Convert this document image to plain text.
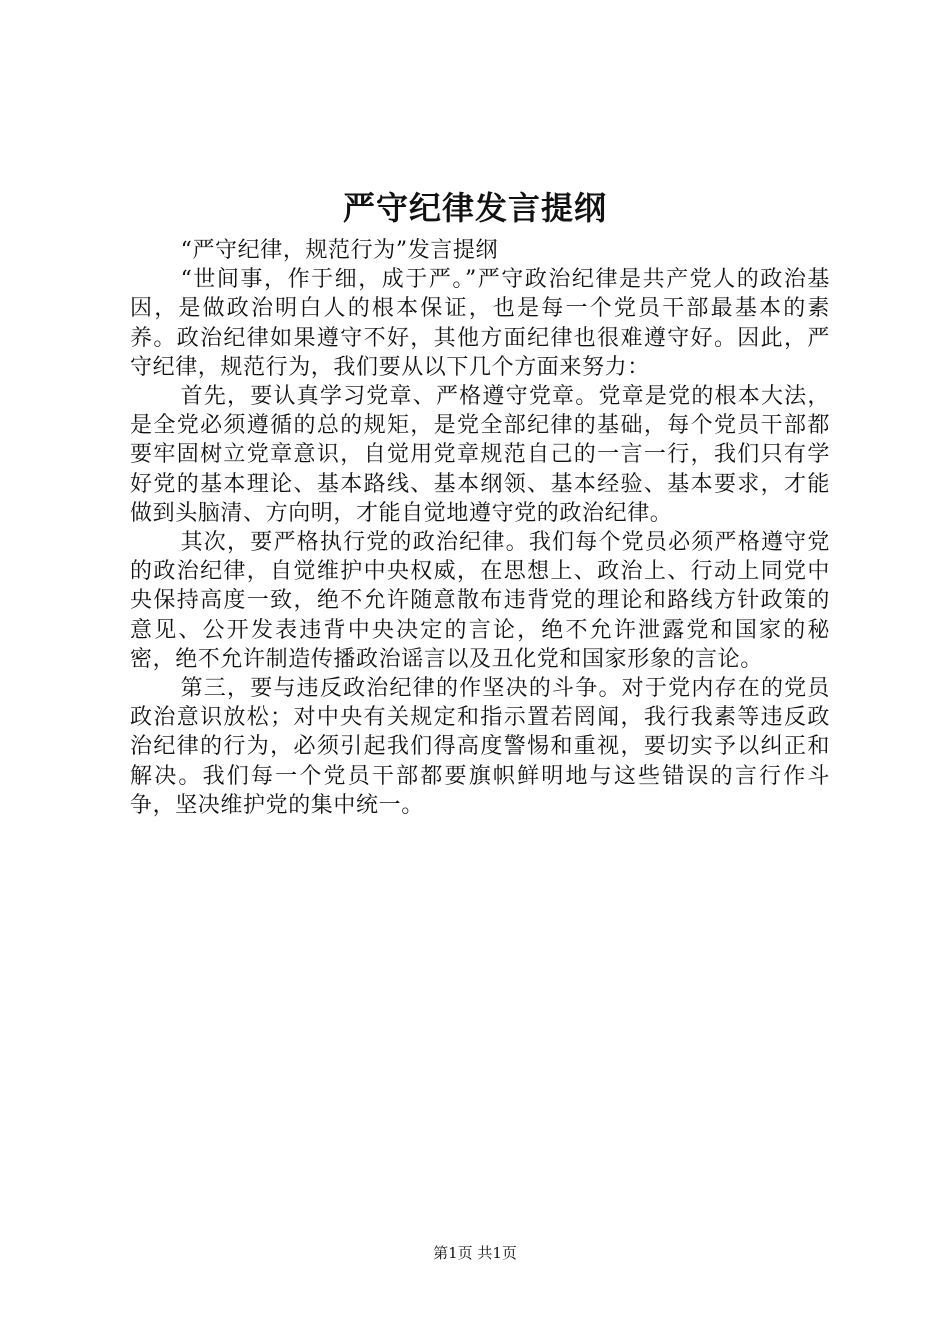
严守纪律发言提纲

“严守纪律，规范行为”发言提纲

“世间事，作于细，成于严。”严守政治纪律是共产党人的政治基因，是做政治明白人的根本保证，也是每一个党员干部最基本的素养。政治纪律如果遵守不好，其他方面纪律也很难遵守好。因此，严守纪律，规范行为，我们要从以下几个方面来努力：

首先，要认真学习党章、严格遵守党章。党章是党的根本大法，是全党必须遵循的总的规矩，是党全部纪律的基础，每个党员干部都要牢固树立党章意识，自觉用党章规范自己的一言一行，我们只有学好党的基本理论、基本路线、基本纲领、基本经验、基本要求，才能做到头脑清、方向明，才能自觉地遵守党的政治纪律。

其次，要严格执行党的政治纪律。我们每个党员必须严格遵守党的政治纪律，自觉维护中央权威，在思想上、政治上、行动上同党中央保持高度一致，绝不允许随意散布违背党的理论和路线方针政策的意见、公开发表违背中央决定的言论，绝不允许泄露党和国家的秘密，绝不允许制造传播政治谣言以及丑化党和国家形象的言论。

第三，要与违反政治纪律的作坚决的斗争。对于党内存在的党员政治意识放松；对中央有关规定和指示置若罔闻，我行我素等违反政治纪律的行为，必须引起我们得高度警惕和重视，要切实予以纠正和解决。我们每一个党员干部都要旗帜鲜明地与这些错误的言行作斗争，坚决维护党的集中统一。

第1页 共1页
